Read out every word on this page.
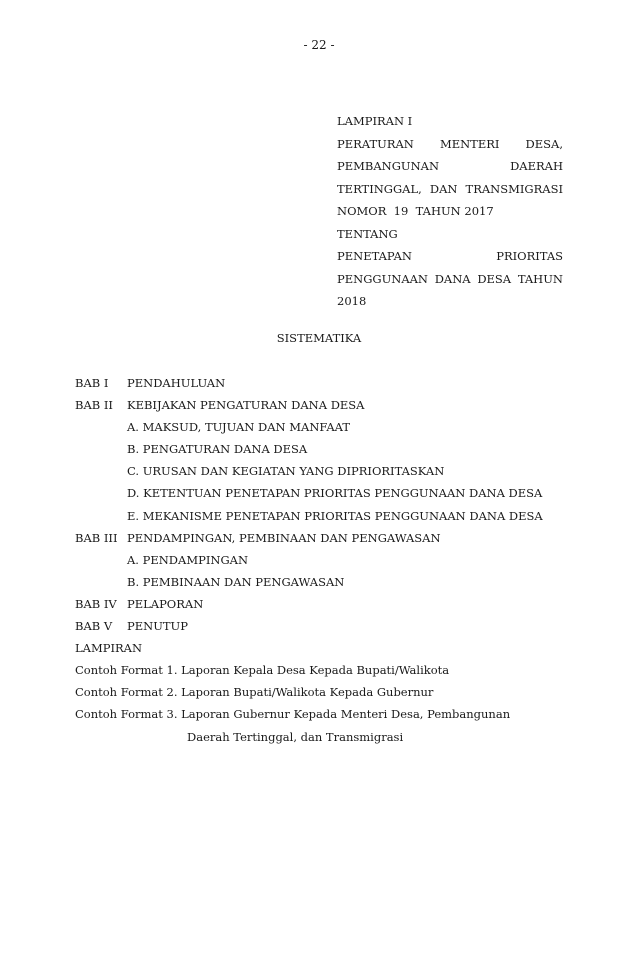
- 22 -
LAMPIRAN I
PERATURAN MENTERI DESA,
PEMBANGUNAN	DAERAH
TERTINGGAL, DAN TRANSMIGRASI
NOMOR  19  TAHUN 2017
TENTANG
PENETAPAN	PRIORITAS
PENGGUNAAN DANA DESA TAHUN
2018
SISTEMATIKA
BAB I PENDAHULUAN
BAB II KEBIJAKAN PENGATURAN DANA DESA
A. MAKSUD, TUJUAN DAN MANFAAT
B. PENGATURAN DANA DESA
C. URUSAN DAN KEGIATAN YANG DIPRIORITASKAN
D. KETENTUAN PENETAPAN PRIORITAS PENGGUNAAN DANA DESA
E. MEKANISME PENETAPAN PRIORITAS PENGGUNAAN DANA DESA
BAB III PENDAMPINGAN, PEMBINAAN DAN PENGAWASAN
A. PENDAMPINGAN
B. PEMBINAAN DAN PENGAWASAN
BAB IV PELAPORAN
BAB V PENUTUP
LAMPIRAN
Contoh Format 1. Laporan Kepala Desa Kepada Bupati/Walikota
Contoh Format 2. Laporan Bupati/Walikota Kepada Gubernur
Contoh Format 3. Laporan Gubernur Kepada Menteri Desa, Pembangunan
Daerah Tertinggal, dan Transmigrasi
